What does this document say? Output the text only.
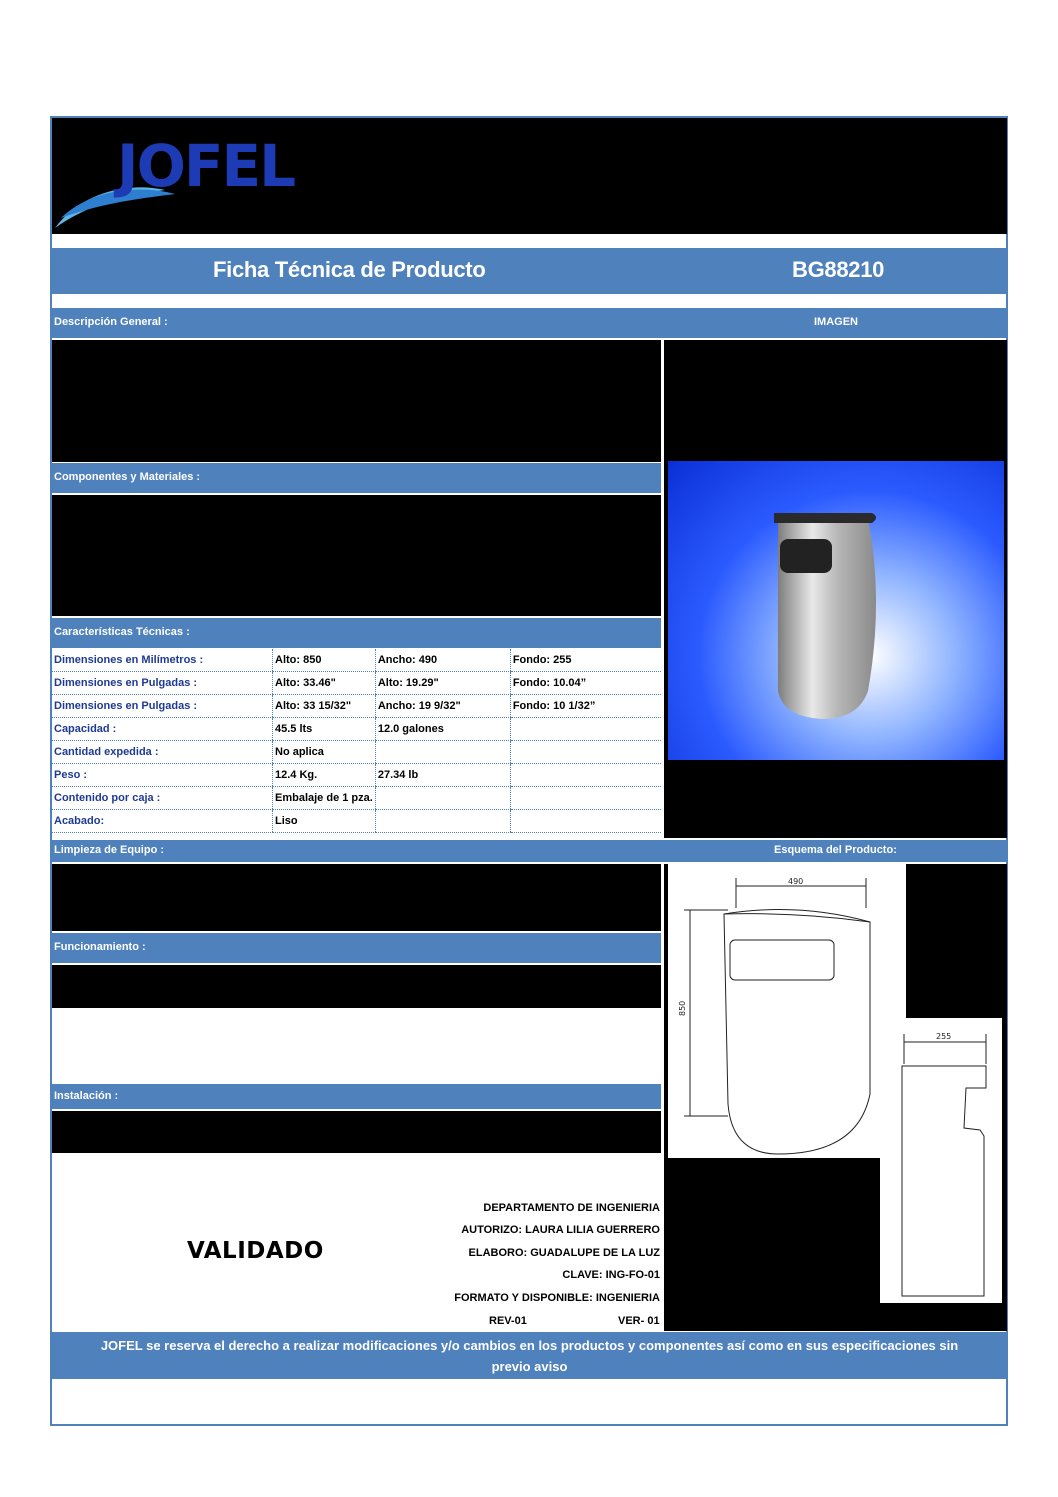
JOFEL
Ficha Técnica de Producto	BG88210
Descripción General :	IMAGEN
Componentes y Materiales :
Características Técnicas :
Dimensiones en Milímetros :	Alto: 850	Ancho: 490	Fondo: 255
Dimensiones en Pulgadas :	Alto: 33.46"	Alto: 19.29"	Fondo: 10.04”
Dimensiones en Pulgadas :	Alto: 33 15/32"	Ancho: 19 9/32"	Fondo: 10 1/32”
Capacidad :	45.5 lts	12.0 galones	
Cantidad expedida :	No aplica		
Peso :	12.4 Kg.	27.34 lb	
Contenido por caja :	Embalaje de 1 pza.		
Acabado:	Liso		
Limpieza de Equipo :	Esquema del Producto:
Funcionamiento :
Instalación :
490
850
255
VALIDADO
DEPARTAMENTO DE INGENIERIA
AUTORIZO: LAURA LILIA GUERRERO
ELABORO: GUADALUPE DE LA LUZ
CLAVE: ING-FO-01
FORMATO Y DISPONIBLE: INGENIERIA
REV-01	VER- 01
JOFEL se reserva el derecho a realizar modificaciones y/o cambios en los productos y componentes así como en sus especificaciones sin
previo aviso
